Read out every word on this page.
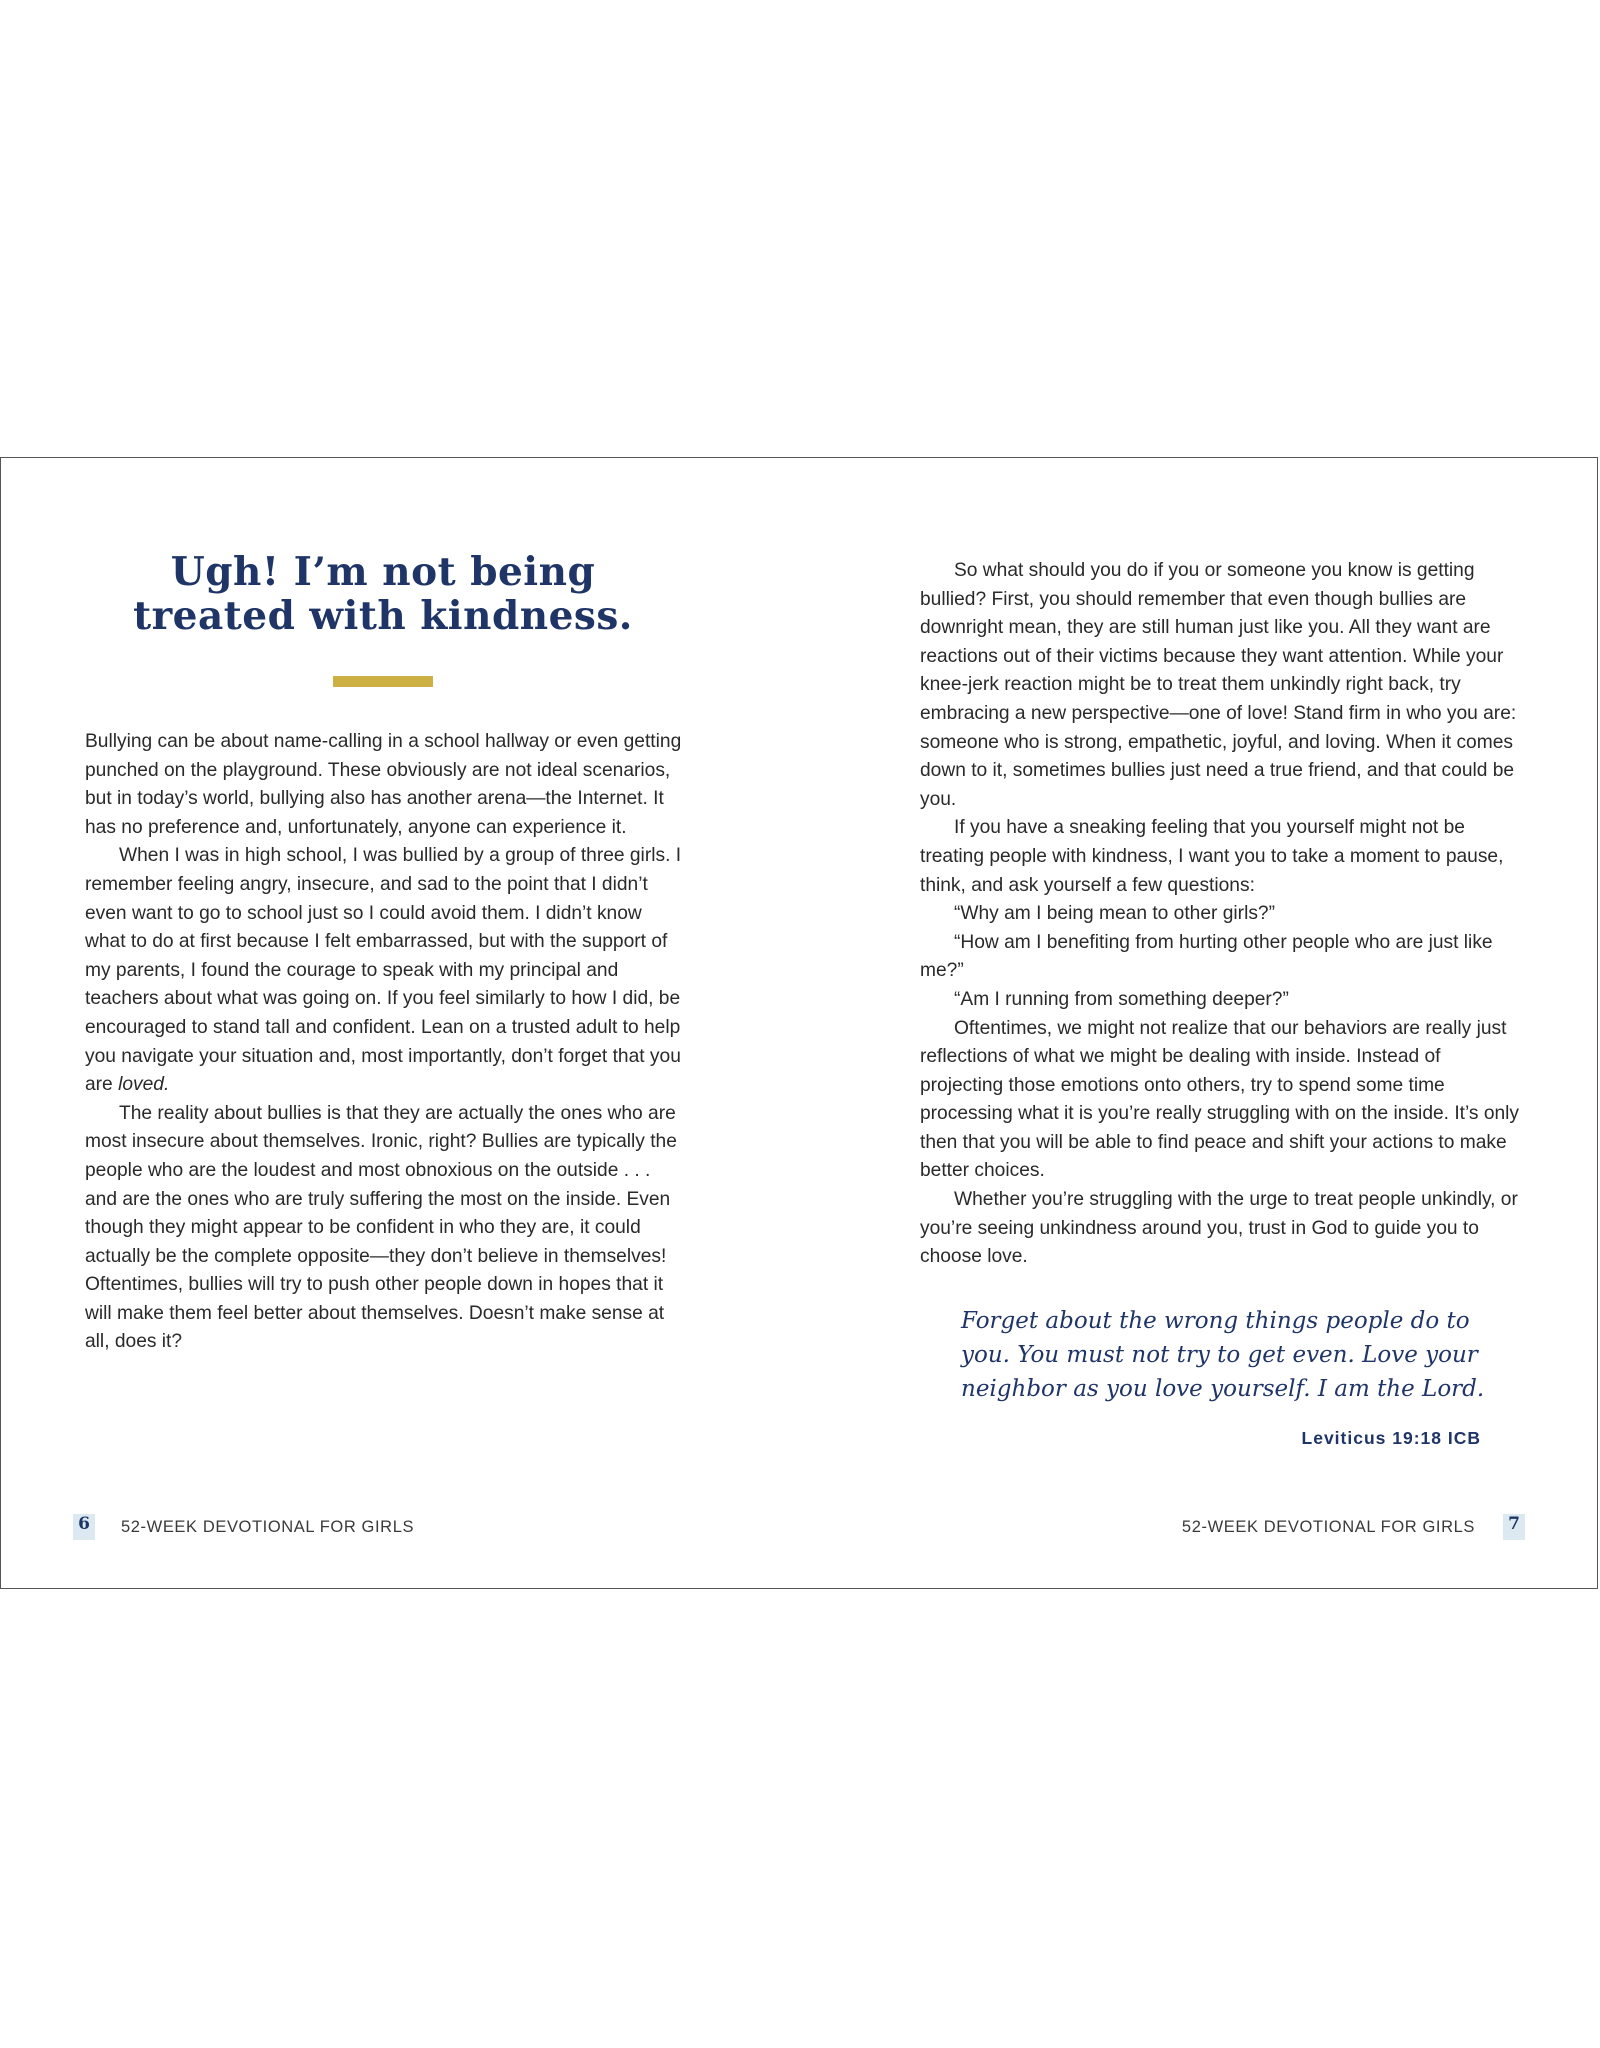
Ugh! I’m not being
treated with kindness.

Bullying can be about name-calling in a school hallway or even getting punched on the playground. These obviously are not ideal scenarios, but in today’s world, bullying also has another arena—the Internet. It has no preference and, unfortunately, anyone can experience it.

When I was in high school, I was bullied by a group of three girls. I remember feeling angry, insecure, and sad to the point that I didn’t even want to go to school just so I could avoid them. I didn’t know what to do at first because I felt embarrassed, but with the support of my parents, I found the courage to speak with my principal and teachers about what was going on. If you feel similarly to how I did, be encouraged to stand tall and confident. Lean on a trusted adult to help you navigate your situation and, most importantly, don’t forget that you are loved.

The reality about bullies is that they are actually the ones who are most insecure about themselves. Ironic, right? Bullies are typically the people who are the loudest and most obnoxious on the outside . . . and are the ones who are truly suffering the most on the inside. Even though they might appear to be confident in who they are, it could actually be the complete opposite—they don’t believe in themselves! Oftentimes, bullies will try to push other people down in hopes that it will make them feel better about themselves. Doesn’t make sense at all, does it?

6	52-WEEK DEVOTIONAL FOR GIRLS

So what should you do if you or someone you know is getting bullied? First, you should remember that even though bullies are downright mean, they are still human just like you. All they want are reactions out of their victims because they want attention. While your knee-jerk reaction might be to treat them unkindly right back, try embracing a new perspective—one of love! Stand firm in who you are: someone who is strong, empathetic, joyful, and loving. When it comes down to it, sometimes bullies just need a true friend, and that could be you.

If you have a sneaking feeling that you yourself might not be treating people with kindness, I want you to take a moment to pause, think, and ask yourself a few questions:

“Why am I being mean to other girls?”

“How am I benefiting from hurting other people who are just like me?”

“Am I running from something deeper?”

Oftentimes, we might not realize that our behaviors are really just reflections of what we might be dealing with inside. Instead of projecting those emotions onto others, try to spend some time processing what it is you’re really struggling with on the inside. It’s only then that you will be able to find peace and shift your actions to make better choices.

Whether you’re struggling with the urge to treat people unkindly, or you’re seeing unkindness around you, trust in God to guide you to choose love.

Forget about the wrong things people do to you. You must not try to get even. Love your neighbor as you love yourself. I am the Lord.

Leviticus 19:18 ICB

52-WEEK DEVOTIONAL FOR GIRLS 7
